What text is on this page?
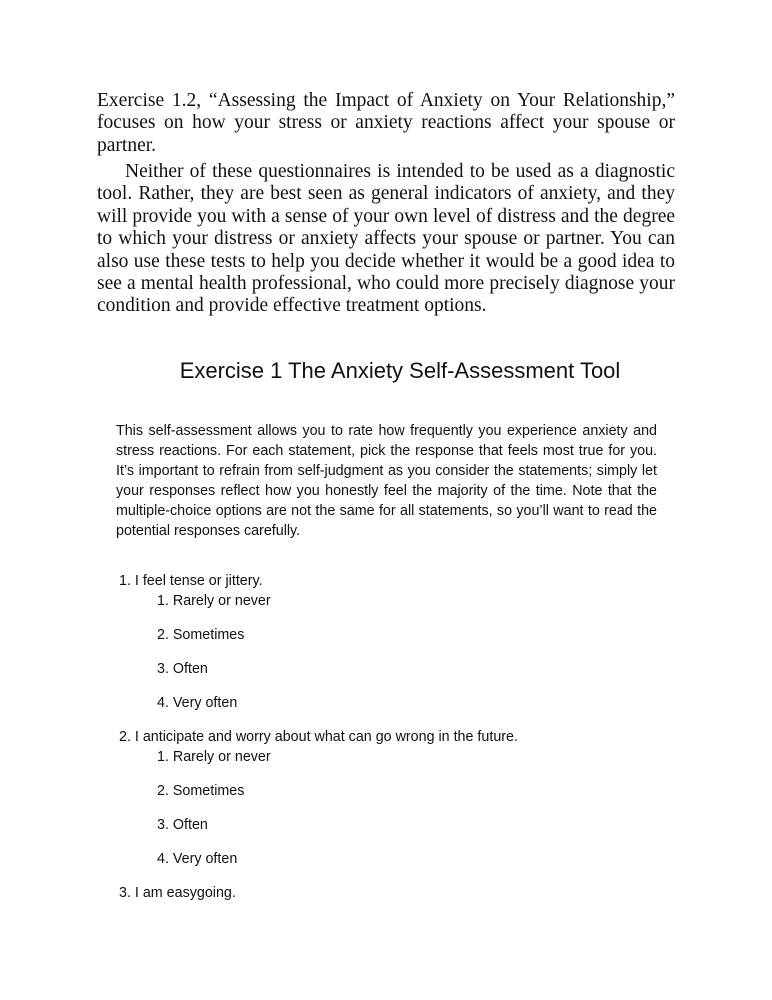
Exercise 1.2, “Assessing the Impact of Anxiety on Your Relationship,” focuses on how your stress or anxiety reactions affect your spouse or partner.

Neither of these questionnaires is intended to be used as a diagnostic tool. Rather, they are best seen as general indicators of anxiety, and they will provide you with a sense of your own level of distress and the degree to which your distress or anxiety affects your spouse or partner. You can also use these tests to help you decide whether it would be a good idea to see a mental health professional, who could more precisely diagnose your condition and provide effective treatment options.

Exercise 1 The Anxiety Self-Assessment Tool

This self-assessment allows you to rate how frequently you experience anxiety and stress reactions. For each statement, pick the response that feels most true for you. It’s important to refrain from self-judgment as you consider the statements; simply let your responses reflect how you honestly feel the majority of the time. Note that the multiple-choice options are not the same for all statements, so you’ll want to read the potential responses carefully.

1. I feel tense or jittery.
1. Rarely or never
2. Sometimes
3. Often
4. Very often
2. I anticipate and worry about what can go wrong in the future.
1. Rarely or never
2. Sometimes
3. Often
4. Very often
3. I am easygoing.
